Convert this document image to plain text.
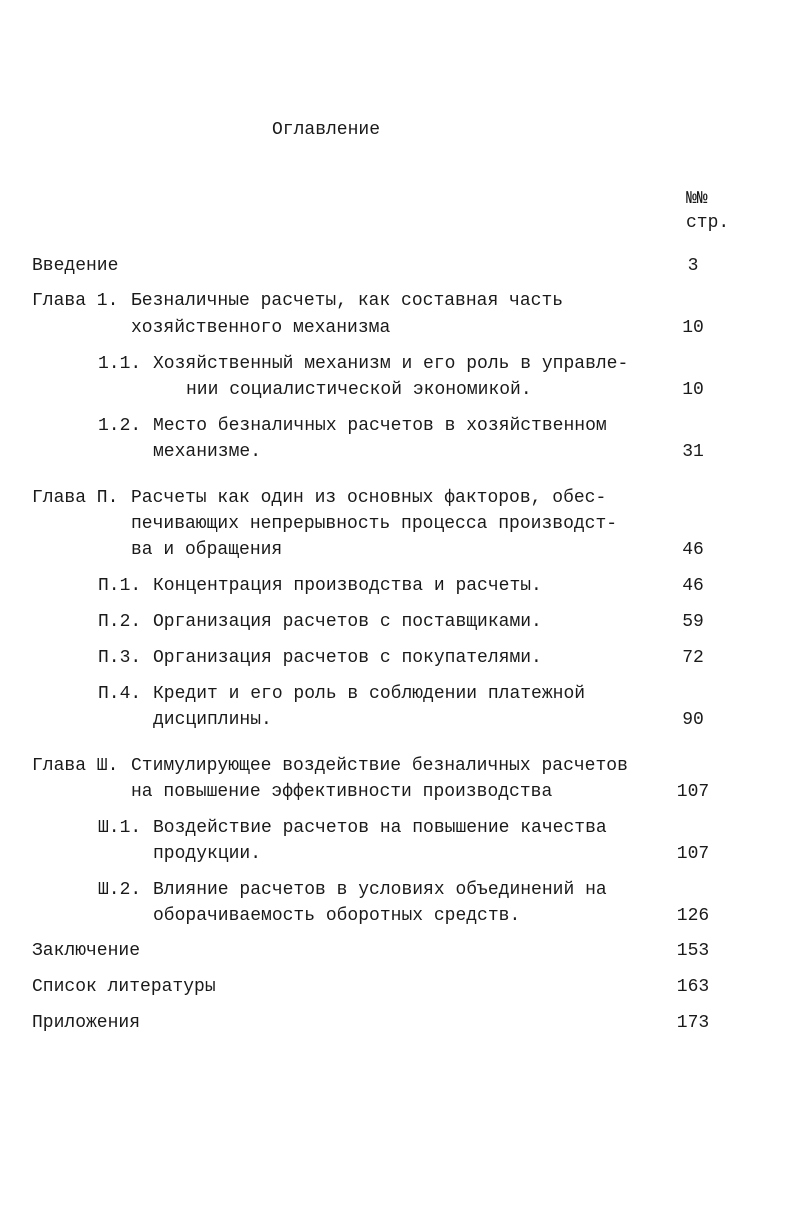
Оглавление
№№
стр.
Введение	3
Глава 1. Безналичные расчеты, как составная часть
хозяйственного механизма	10
1.1. Хозяйственный механизм и его роль в управле-
нии социалистической экономикой.	10
1.2. Место безналичных расчетов в хозяйственном
механизме.	31
Глава П. Расчеты как один из основных факторов, обес-
печивающих непрерывность процесса производст-
ва и обращения	46
П.1. Концентрация производства и расчеты.	46
П.2. Организация расчетов с поставщиками.	59
П.3. Организация расчетов с покупателями.	72
П.4. Кредит и его роль в соблюдении платежной
дисциплины.	90
Глава Ш. Стимулирующее воздействие безналичных расчетов
на повышение эффективности производства	107
Ш.1. Воздействие расчетов на повышение качества
продукции.	107
Ш.2. Влияние расчетов в условиях объединений на
оборачиваемость оборотных средств.	126
Заключение	153
Список литературы	163
Приложения	173
